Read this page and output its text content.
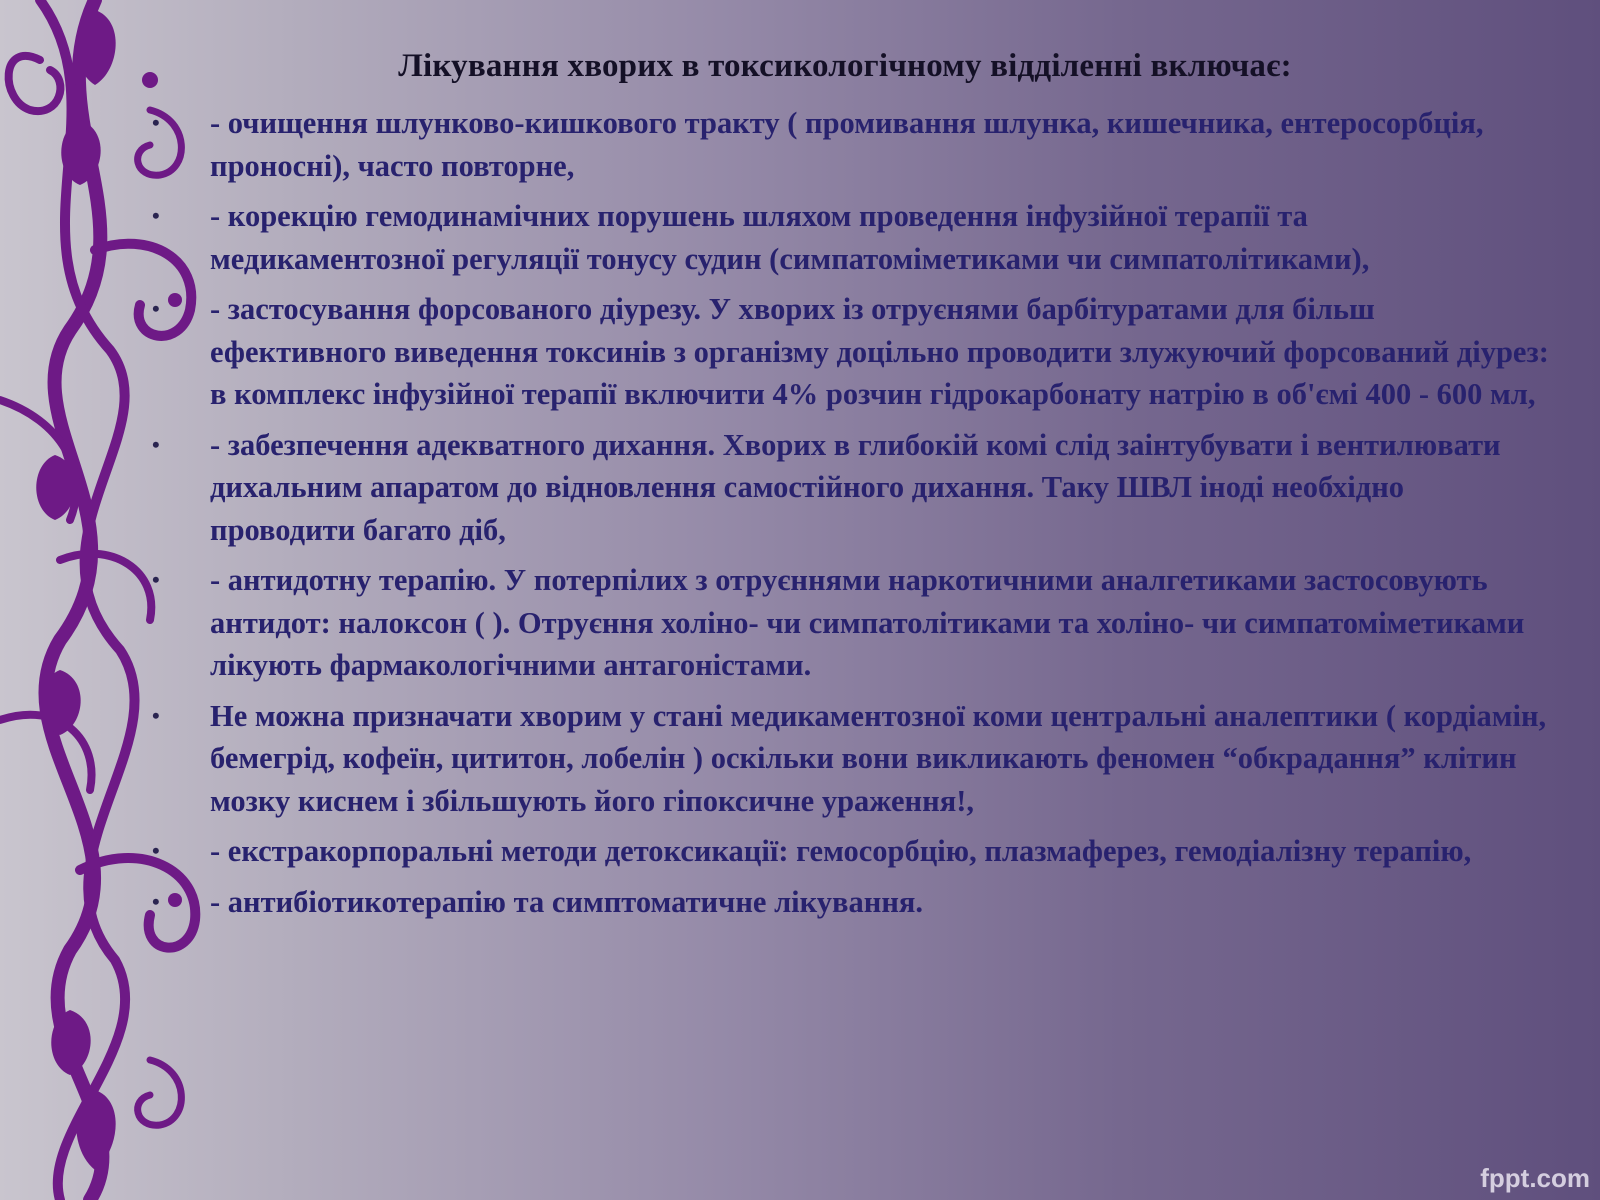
Лікування хворих в токсикологічному відділенні включає:
• - очищення шлунково-кишкового тракту ( промивання шлунка, кишечника, ентеросорбція, проносні), часто повторне,
• - корекцію гемодинамічних порушень шляхом проведення інфузійної терапії та медикаментозної регуляції тонусу судин (симпатоміметиками чи симпатолітиками),
• - застосування форсованого діурезу. У хворих із отруєнями барбітуратами для більш ефективного виведення токсинів з організму доцільно проводити злужуючий форсований діурез: в комплекс інфузійної терапії включити 4% розчин гідрокарбонату натрію в об'ємі 400 - 600 мл,
• - забезпечення адекватного дихання. Хворих в глибокій комі слід заінтубувати і вентилювати дихальним апаратом до відновлення самостійного дихання. Таку ШВЛ іноді необхідно проводити багато діб,
• - антидотну терапію. У потерпілих з отруєннями наркотичними аналгетиками застосовують антидот: налоксон ( ). Отруєння холіно- чи симпатолітиками та холіно- чи симпатоміметиками лікують фармакологічними антагоністами.
• Не можна призначати хворим у стані медикаментозної коми центральні аналептики ( кордіамін, бемегрід, кофеїн, цититон, лобелін ) оскільки вони викликають феномен “обкрадання” клітин мозку киснем і збільшують його гіпоксичне ураження!,
• - екстракорпоральні методи детоксикації: гемосорбцію, плазмаферез, гемодіалізну терапію,
• - антибіотикотерапію та симптоматичне лікування.
fppt.com
